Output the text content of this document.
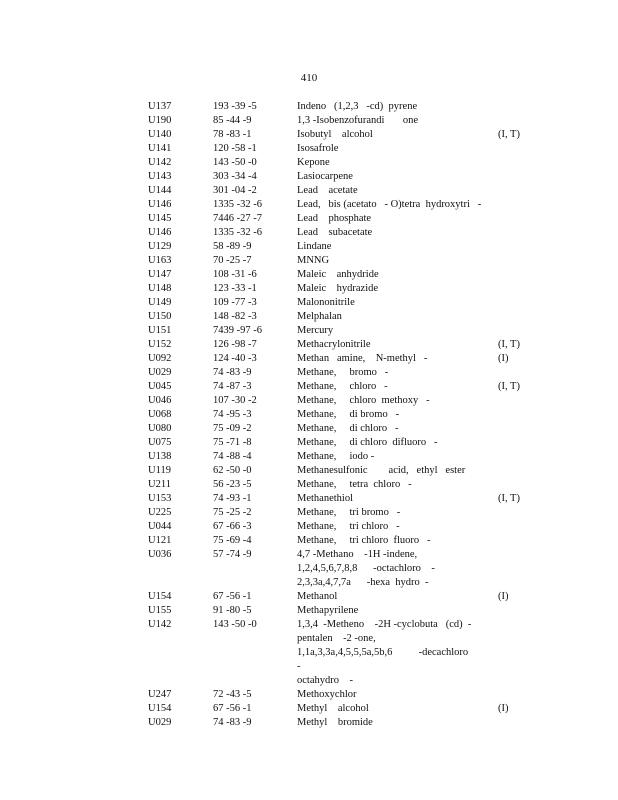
410
U137	193 -39 -5	Indeno   (1,2,3   -cd)  pyrene
U190	85 -44 -9	1,3 -Isobenzofurandi       one
U140	78 -83 -1	Isobutyl    alcohol	(I, T)
U141	120 -58 -1	Isosafrole
U142	143 -50 -0	Kepone
U143	303 -34 -4	Lasiocarpene
U144	301 -04 -2	Lead    acetate
U146	1335 -32 -6	Lead,   bis (acetato   - O)tetra  hydroxytri   -
U145	7446 -27 -7	Lead    phosphate
U146	1335 -32 -6	Lead    subacetate
U129	58 -89 -9	Lindane
U163	70 -25 -7	MNNG
U147	108 -31 -6	Maleic    anhydride
U148	123 -33 -1	Maleic    hydrazide
U149	109 -77 -3	Malononitrile
U150	148 -82 -3	Melphalan
U151	7439 -97 -6	Mercury
U152	126 -98 -7	Methacrylonitrile	(I, T)
U092	124 -40 -3	Methan   amine,    N-methyl   -	(I)
U029	74 -83 -9	Methane,     bromo   -
U045	74 -87 -3	Methane,     chloro   -	(I, T)
U046	107 -30 -2	Methane,     chloro  methoxy   -
U068	74 -95 -3	Methane,     di bromo   -
U080	75 -09 -2	Methane,     di chloro   -
U075	75 -71 -8	Methane,     di chloro  difluoro   -
U138	74 -88 -4	Methane,     iodo -
U119	62 -50 -0	Methanesulfonic        acid,   ethyl   ester
U211	56 -23 -5	Methane,     tetra  chloro   -
U153	74 -93 -1	Methanethiol	(I, T)
U225	75 -25 -2	Methane,     tri bromo   -
U044	67 -66 -3	Methane,     tri chloro   -
U121	75 -69 -4	Methane,     tri chloro  fluoro   -
U036	57 -74 -9	4,7 -Methano    -1H -indene,
1,2,4,5,6,7,8,8      -octachloro    -
2,3,3a,4,7,7a      -hexa  hydro  -
U154	67 -56 -1	Methanol	(I)
U155	91 -80 -5	Methapyrilene
U142	143 -50 -0	1,3,4  -Metheno    -2H -cyclobuta   (cd)  -
pentalen    -2 -one,
1,1a,3,3a,4,5,5,5a,5b,6          -decachloro     -
octahydro    -
U247	72 -43 -5	Methoxychlor
U154	67 -56 -1	Methyl    alcohol	(I)
U029	74 -83 -9	Methyl    bromide
